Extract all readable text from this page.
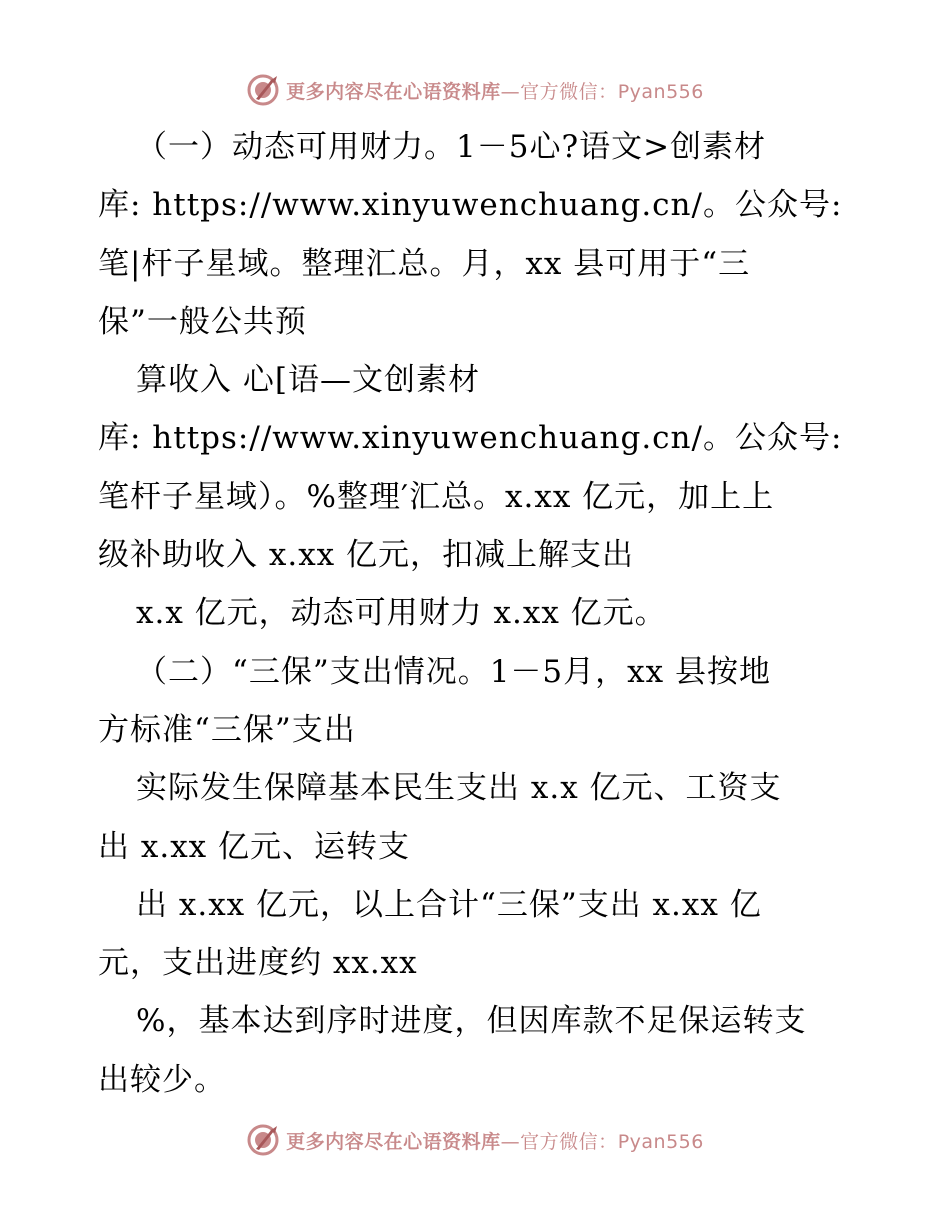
更多内容尽在心语资料库—官方微信：Pyan556
（一）动态可用财力。1－5心?语文>创素材
库: https://www.xinyuwenchuang.cn/。公众号:
笔|杆子星域。整理汇总。月，xx 县可用于“三
保”一般公共预
算收入 心[语—文创素材
库: https://www.xinyuwenchuang.cn/。公众号:
笔杆子星域）。%整理′汇总。x.xx 亿元，加上上
级补助收入 x.xx 亿元，扣减上解支出
x.x 亿元，动态可用财力 x.xx 亿元。
（二）“三保”支出情况。1－5月，xx 县按地
方标准“三保”支出
实际发生保障基本民生支出 x.x 亿元、工资支
出 x.xx 亿元、运转支
出 x.xx 亿元，以上合计“三保”支出 x.xx 亿
元，支出进度约 xx.xx
%，基本达到序时进度，但因库款不足保运转支
出较少。
更多内容尽在心语资料库—官方微信：Pyan556
